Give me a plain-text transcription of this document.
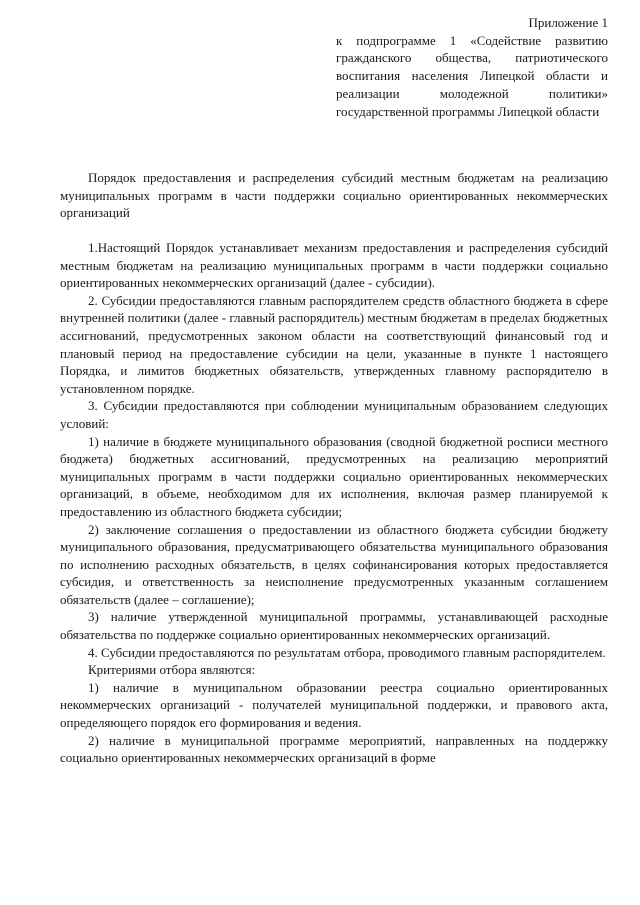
Приложение 1
к подпрограмме 1 «Содействие развитию гражданского общества, патриотического воспитания населения Липецкой области и реализации молодежной политики» государственной программы Липецкой области
Порядок предоставления и распределения субсидий местным бюджетам на реализацию муниципальных программ в части поддержки социально ориентированных некоммерческих организаций

1.Настоящий Порядок устанавливает механизм предоставления и распределения субсидий местным бюджетам на реализацию муниципальных программ в части поддержки социально ориентированных некоммерческих организаций (далее - субсидии).

2. Субсидии предоставляются главным распорядителем средств областного бюджета в сфере внутренней политики (далее - главный распорядитель) местным бюджетам в пределах бюджетных ассигнований, предусмотренных законом области на соответствующий финансовый год и плановый период на предоставление субсидии на цели, указанные в пункте 1 настоящего Порядка, и лимитов бюджетных обязательств, утвержденных главному распорядителю в установленном порядке.

3. Субсидии предоставляются при соблюдении муниципальным образованием следующих условий:

1) наличие в бюджете муниципального образования (сводной бюджетной росписи местного бюджета) бюджетных ассигнований, предусмотренных на реализацию мероприятий муниципальных программ в части поддержки социально ориентированных некоммерческих организаций, в объеме, необходимом для их исполнения, включая размер планируемой к предоставлению из областного бюджета субсидии;

2) заключение соглашения о предоставлении из областного бюджета субсидии бюджету муниципального образования, предусматривающего обязательства муниципального образования по исполнению расходных обязательств, в целях софинансирования которых предоставляется субсидия, и ответственность за неисполнение предусмотренных указанным соглашением обязательств (далее – соглашение);

3) наличие утвержденной муниципальной программы, устанавливающей расходные обязательства по поддержке социально ориентированных некоммерческих организаций.

4. Субсидии предоставляются по результатам отбора, проводимого главным распорядителем.

Критериями отбора являются:

1) наличие в муниципальном образовании реестра социально ориентированных некоммерческих организаций - получателей муниципальной поддержки, и правового акта, определяющего порядок его формирования и ведения.

2) наличие в муниципальной программе мероприятий, направленных на поддержку социально ориентированных некоммерческих организаций в форме
